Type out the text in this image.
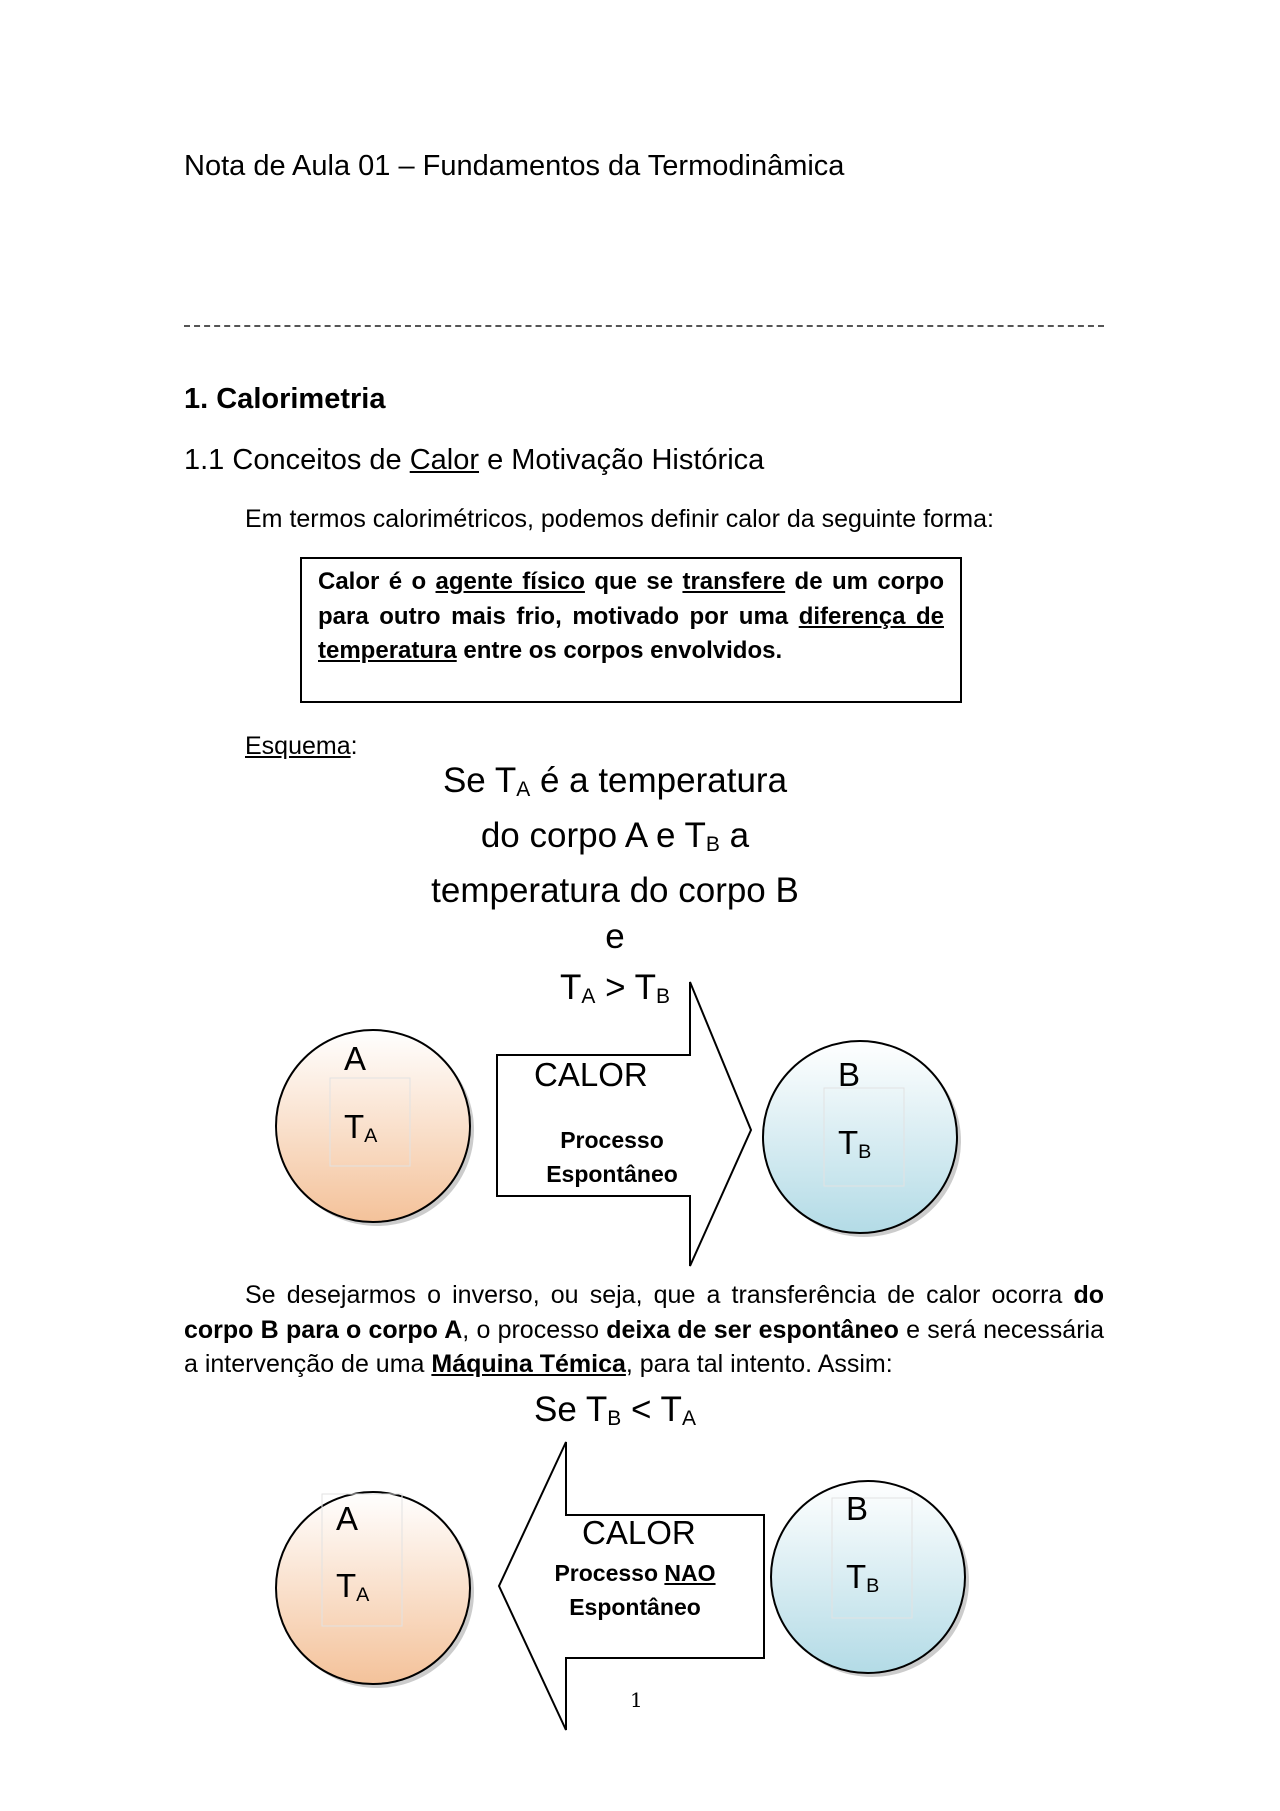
Nota de Aula 01 – Fundamentos da Termodinâmica
1. Calorimetria
1.1 Conceitos de Calor e Motivação Histórica
Em termos calorimétricos, podemos definir calor da seguinte forma:
Calor é o agente físico que se transfere de um corpo para outro mais frio, motivado por uma diferença de temperatura entre os corpos envolvidos.
Esquema:
Se $T_A$ é a temperatura
do corpo A e $T_B$ a
temperatura do corpo B
e
$T_A > T_B$
A
$T_A$
CALOR
Processo
Espontâneo
B
$T_B$
Se desejarmos o inverso, ou seja, que a transferência de calor ocorra do corpo B para o corpo A, o processo deixa de ser espontâneo e será necessária a intervenção de uma Máquina Témica, para tal intento. Assim:
Se $T_B < T_A$
A
$T_A$
CALOR
Processo NAO
Espontâneo
B
$T_B$
1
